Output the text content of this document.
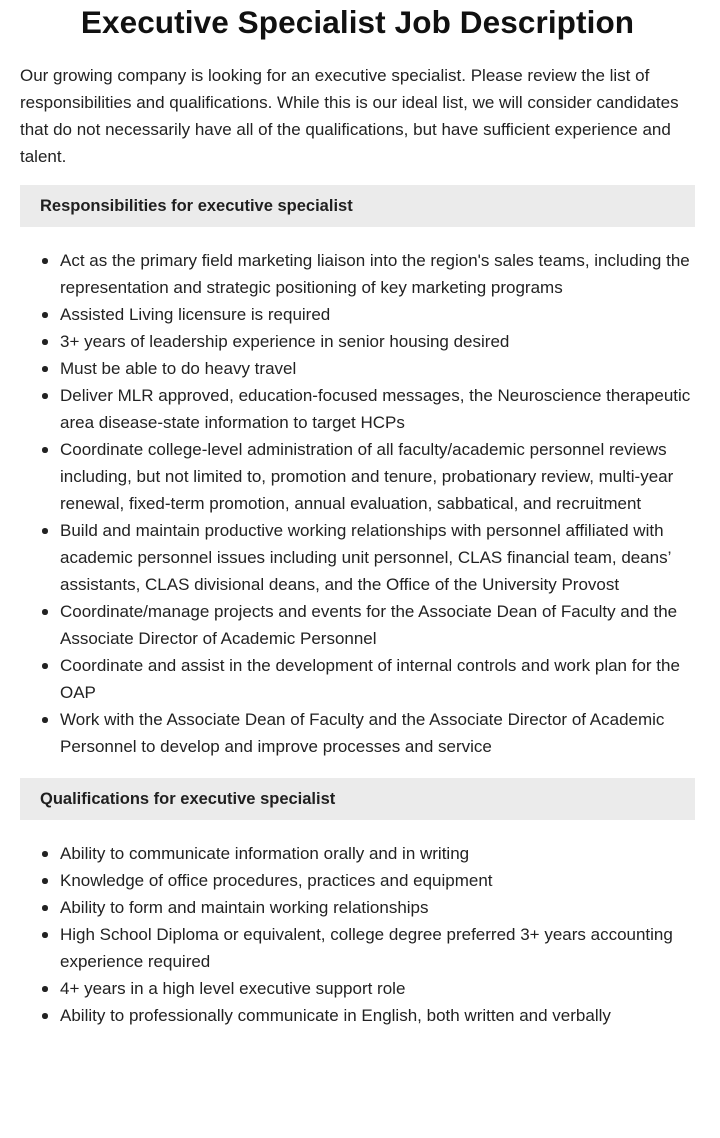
Executive Specialist Job Description

Our growing company is looking for an executive specialist. Please review the list of responsibilities and qualifications. While this is our ideal list, we will consider candidates that do not necessarily have all of the qualifications, but have sufficient experience and talent.

Responsibilities for executive specialist
Act as the primary field marketing liaison into the region's sales teams, including the representation and strategic positioning of key marketing programs
Assisted Living licensure is required
3+ years of leadership experience in senior housing desired
Must be able to do heavy travel
Deliver MLR approved, education-focused messages, the Neuroscience therapeutic area disease-state information to target HCPs
Coordinate college-level administration of all faculty/academic personnel reviews including, but not limited to, promotion and tenure, probationary review, multi-year renewal, fixed-term promotion, annual evaluation, sabbatical, and recruitment
Build and maintain productive working relationships with personnel affiliated with academic personnel issues including unit personnel, CLAS financial team, deans’ assistants, CLAS divisional deans, and the Office of the University Provost
Coordinate/manage projects and events for the Associate Dean of Faculty and the Associate Director of Academic Personnel
Coordinate and assist in the development of internal controls and work plan for the OAP
Work with the Associate Dean of Faculty and the Associate Director of Academic Personnel to develop and improve processes and service
Qualifications for executive specialist
Ability to communicate information orally and in writing
Knowledge of office procedures, practices and equipment
Ability to form and maintain working relationships
High School Diploma or equivalent, college degree preferred 3+ years accounting experience required
4+ years in a high level executive support role
Ability to professionally communicate in English, both written and verbally
